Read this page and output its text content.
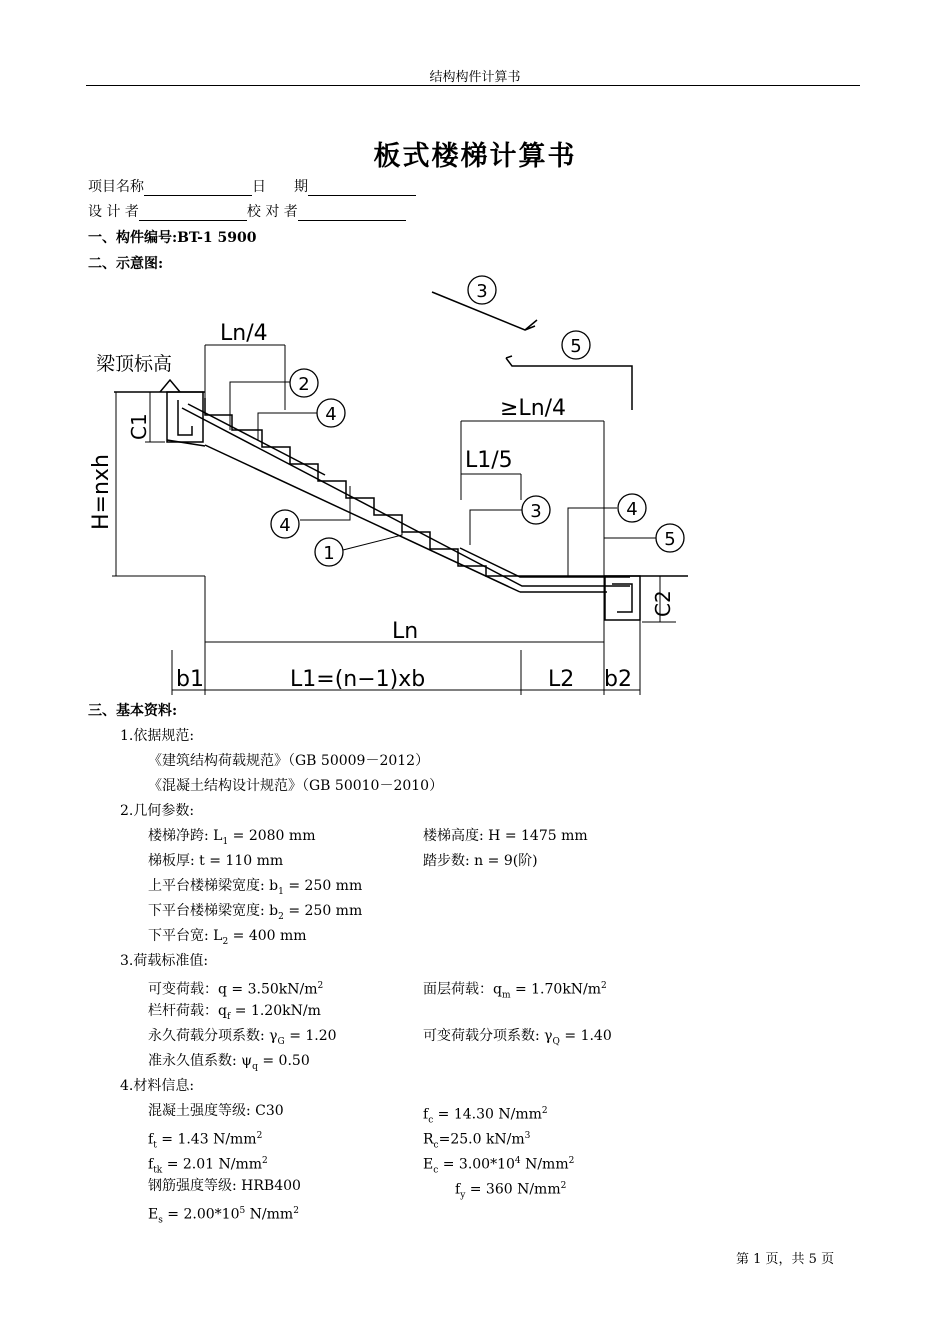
结构构件计算书
板式楼梯计算书
项目名称	日　　期
设 计 者	校 对 者
一、构件编号:BT-1 5900
二、示意图:
3
5
2
4
4
1
3	4
5
梁顶标高
Ln/4
≥Ln/4
L1/5
Ln
b1	L1=(n−1)xb	L2 b2
C1
H=nxh
C2
三、基本资料:
1.依据规范:
《建筑结构荷载规范》（GB 50009－2012）
《混凝土结构设计规范》（GB 50010－2010）
2.几何参数:
楼梯净跨: $L_1 = 2080$ mm	楼梯高度: H = 1475 mm
梯板厚: t = 110 mm	踏步数: n = 9(阶)
上平台楼梯梁宽度: $b_1 = 250$ mm
下平台楼梯梁宽度: $b_2 = 250$ mm
下平台宽: $L_2 = 400$ mm
3.荷载标准值:
可变荷载：$q = 3.50kN/m^2$	面层荷载：$q_m = 1.70kN/m^2$
栏杆荷载：$q_f = 1.20kN/m$
永久荷载分项系数: $\gamma_G = 1.20$	可变荷载分项系数: $\gamma_Q = 1.40$
准永久值系数: $\psi_q = 0.50$
4.材料信息:
混凝土强度等级: C30	$f_c = 14.30$ $N/mm^2$
$f_t = 1.43$ $N/mm^2$	$R_c=25.0$ $kN/m^3$
$f_{tk} = 2.01$ $N/mm^2$	$E_c = 3.00*10^4$ $N/mm^2$
钢筋强度等级: HRB400	$f_y = 360$ $N/mm^2$
$E_s = 2.00*10^5$ $N/mm^2$
第 1 页，共 5 页
